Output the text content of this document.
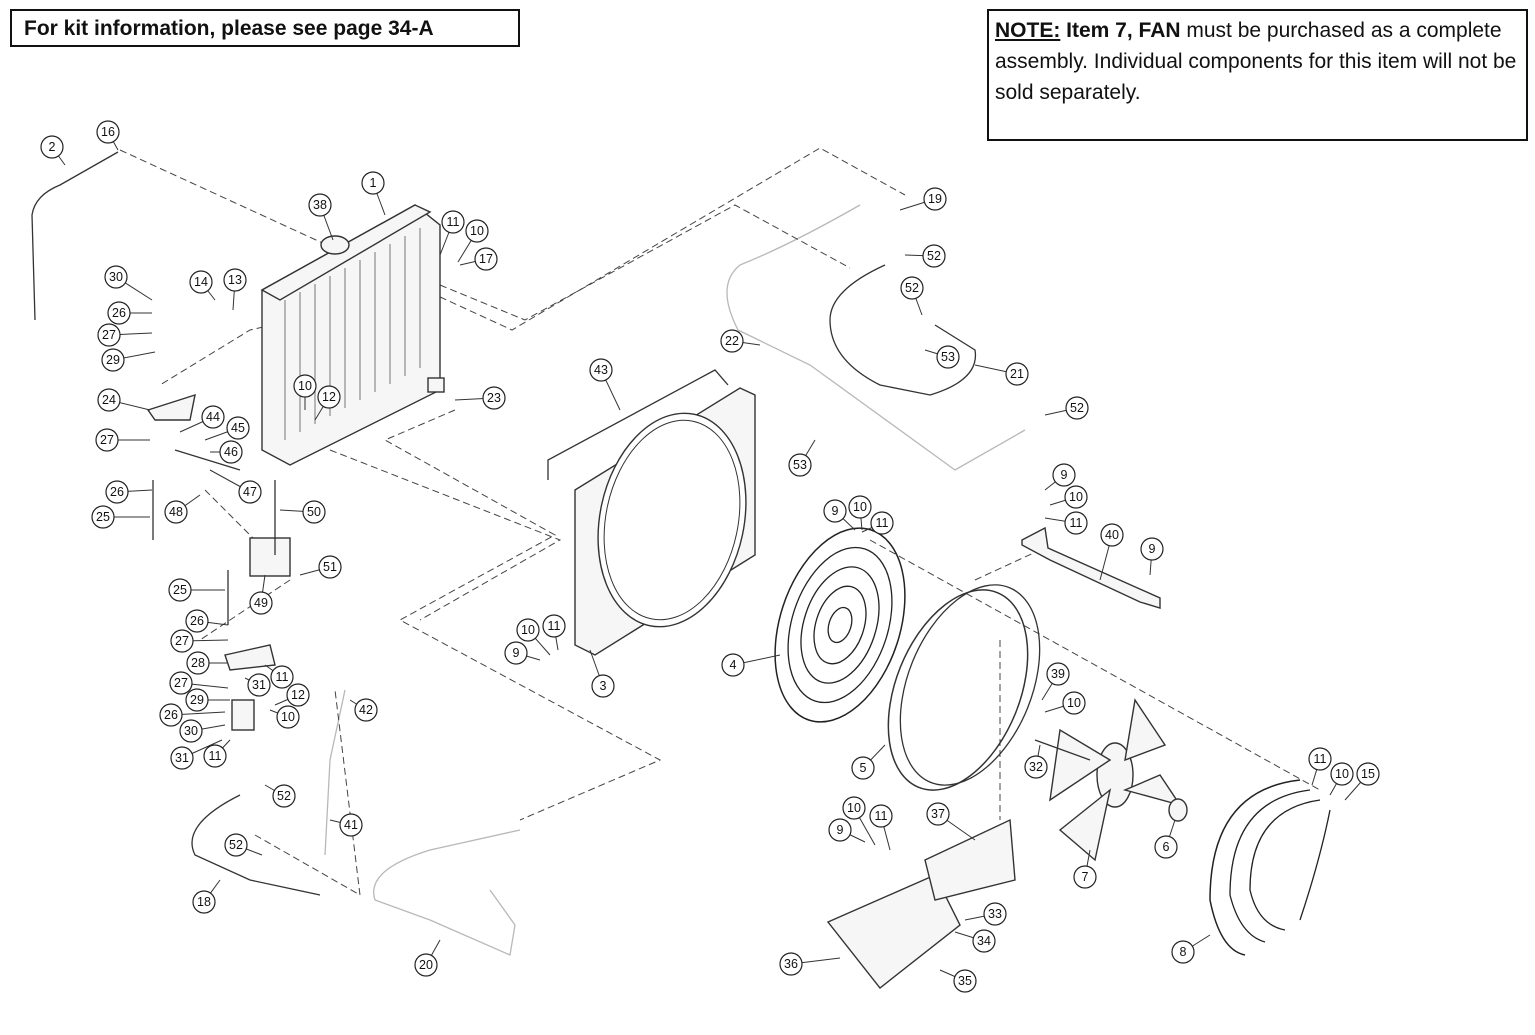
For kit information, please see page 34-A	NOTE: Item 7, FAN must be purchased as a complete assembly. Individual components for this item will not be sold separately.
1
2
3
4
5
6
7
8
9
9
9
9
9
10
10
10
10
10
10
10
10
10
11
11
11
11
11
11
11
11
12
12
13
14
15
16
17
18
19
20
21
22
23
24
25
25
26
26
26
26
27
27
27
27
28
29
29
30
30
31
31
32
33
34
35
36
37
38
39
40
41
42
43
44
45
46
47
48
49
50
51
52
52
52
52
52
53
53
